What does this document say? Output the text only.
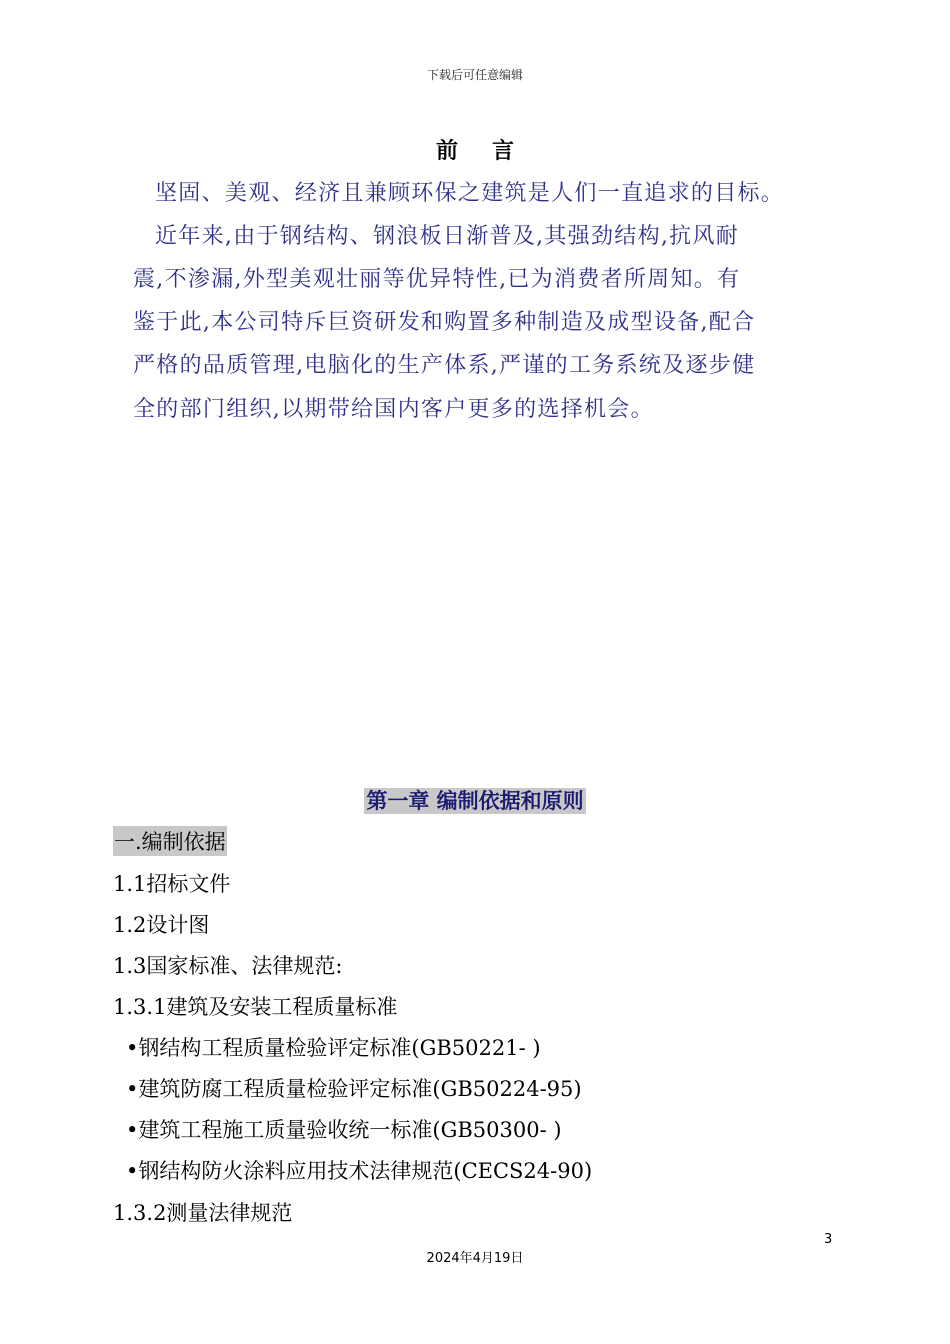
下载后可任意编辑
前言
坚固、美观、经济且兼顾环保之建筑是人们一直追求的目标。
近年来,由于钢结构、钢浪板日渐普及,其强劲结构,抗风耐
震,不渗漏,外型美观壮丽等优异特性,已为消费者所周知。有
鉴于此,本公司特斥巨资研发和购置多种制造及成型设备,配合
严格的品质管理,电脑化的生产体系,严谨的工务系统及逐步健
全的部门组织,以期带给国内客户更多的选择机会。
第一章 编制依据和原则
一.编制依据
1.1招标文件
1.2设计图
1.3国家标准、法律规范:
1.3.1建筑及安装工程质量标准
•钢结构工程质量检验评定标准(GB50221- )
•建筑防腐工程质量检验评定标准(GB50224-95)
•建筑工程施工质量验收统一标准(GB50300- )
•钢结构防火涂料应用技术法律规范(CECS24-90)
1.3.2测量法律规范
3
2024年4月19日
